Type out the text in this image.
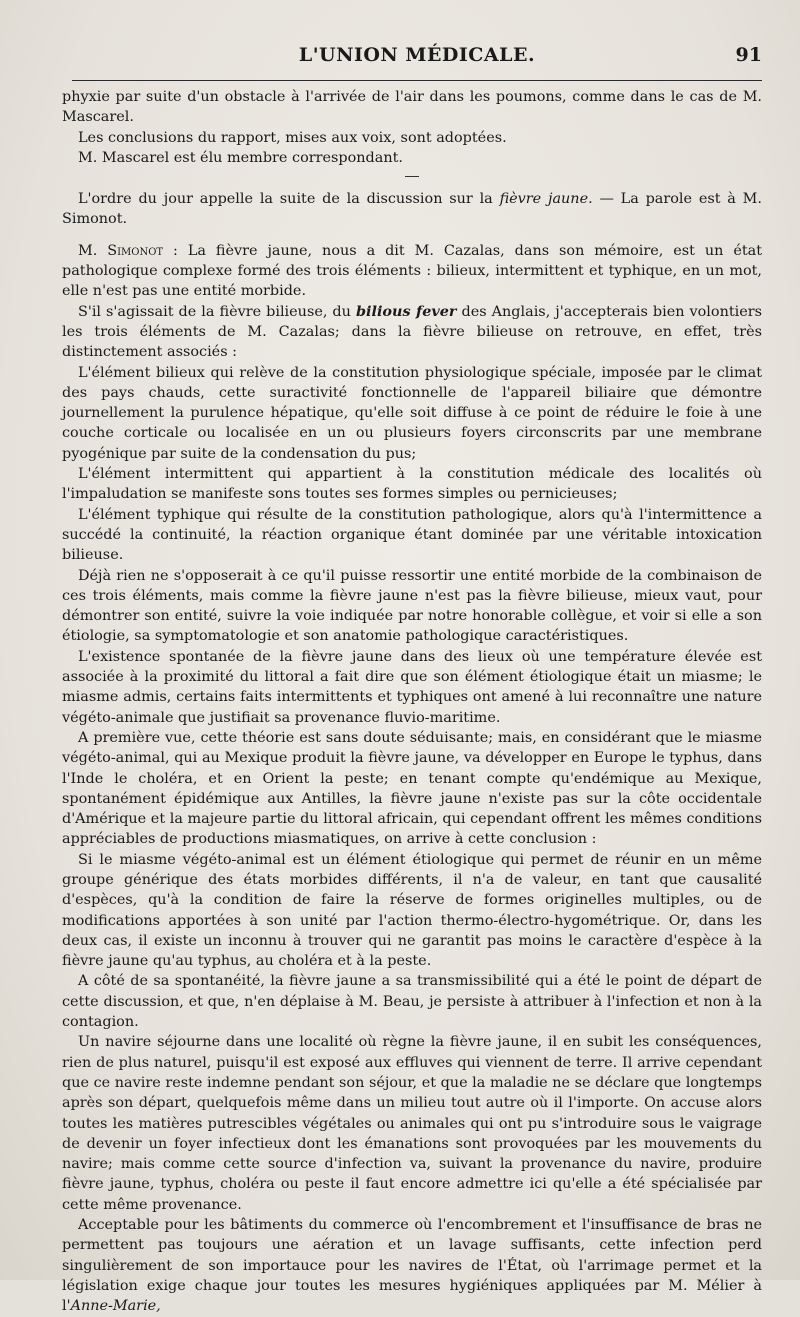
L'UNION MÉDICALE.	91

phyxie par suite d'un obstacle à l'arrivée de l'air dans les poumons, comme dans le cas de M. Mascarel.

Les conclusions du rapport, mises aux voix, sont adoptées.

M. Mascarel est élu membre correspondant.

L'ordre du jour appelle la suite de la discussion sur la fièvre jaune. — La parole est à M. Simonot.

M. Simonot : La fièvre jaune, nous a dit M. Cazalas, dans son mémoire, est un état pathologique complexe formé des trois éléments : bilieux, intermittent et typhique, en un mot, elle n'est pas une entité morbide.

S'il s'agissait de la fièvre bilieuse, du bilious fever des Anglais, j'accepterais bien volontiers les trois éléments de M. Cazalas; dans la fièvre bilieuse on retrouve, en effet, très distinctement associés :

L'élément bilieux qui relève de la constitution physiologique spéciale, imposée par le climat des pays chauds, cette suractivité fonctionnelle de l'appareil biliaire que démontre journellement la purulence hépatique, qu'elle soit diffuse à ce point de réduire le foie à une couche corticale ou localisée en un ou plusieurs foyers circonscrits par une membrane pyogénique par suite de la condensation du pus;

L'élément intermittent qui appartient à la constitution médicale des localités où l'impaludation se manifeste sons toutes ses formes simples ou pernicieuses;

L'élément typhique qui résulte de la constitution pathologique, alors qu'à l'intermittence a succédé la continuité, la réaction organique étant dominée par une véritable intoxication bilieuse.

Déjà rien ne s'opposerait à ce qu'il puisse ressortir une entité morbide de la combinaison de ces trois éléments, mais comme la fièvre jaune n'est pas la fièvre bilieuse, mieux vaut, pour démontrer son entité, suivre la voie indiquée par notre honorable collègue, et voir si elle a son étiologie, sa symptomatologie et son anatomie pathologique caractéristiques.

L'existence spontanée de la fièvre jaune dans des lieux où une température élevée est associée à la proximité du littoral a fait dire que son élément étiologique était un miasme; le miasme admis, certains faits intermittents et typhiques ont amené à lui reconnaître une nature végéto-animale que justifiait sa provenance fluvio-maritime.

A première vue, cette théorie est sans doute séduisante; mais, en considérant que le miasme végéto-animal, qui au Mexique produit la fièvre jaune, va développer en Europe le typhus, dans l'Inde le choléra, et en Orient la peste; en tenant compte qu'endémique au Mexique, spontanément épidémique aux Antilles, la fièvre jaune n'existe pas sur la côte occidentale d'Amérique et la majeure partie du littoral africain, qui cependant offrent les mêmes conditions appréciables de productions miasmatiques, on arrive à cette conclusion :

Si le miasme végéto-animal est un élément étiologique qui permet de réunir en un même groupe générique des états morbides différents, il n'a de valeur, en tant que causalité d'espèces, qu'à la condition de faire la réserve de formes originelles multiples, ou de modifications apportées à son unité par l'action thermo-électro-hygométrique. Or, dans les deux cas, il existe un inconnu à trouver qui ne garantit pas moins le caractère d'espèce à la fièvre jaune qu'au typhus, au choléra et à la peste.

A côté de sa spontanéité, la fièvre jaune a sa transmissibilité qui a été le point de départ de cette discussion, et que, n'en déplaise à M. Beau, je persiste à attribuer à l'infection et non à la contagion.

Un navire séjourne dans une localité où règne la fièvre jaune, il en subit les conséquences, rien de plus naturel, puisqu'il est exposé aux effluves qui viennent de terre. Il arrive cependant que ce navire reste indemne pendant son séjour, et que la maladie ne se déclare que longtemps après son départ, quelquefois même dans un milieu tout autre où il l'importe. On accuse alors toutes les matières putrescibles végétales ou animales qui ont pu s'introduire sous le vaigrage de devenir un foyer infectieux dont les émanations sont provoquées par les mouvements du navire; mais comme cette source d'infection va, suivant la provenance du navire, produire fièvre jaune, typhus, choléra ou peste il faut encore admettre ici qu'elle a été spécialisée par cette même provenance.

Acceptable pour les bâtiments du commerce où l'encombrement et l'insuffisance de bras ne permettent pas toujours une aération et un lavage suffisants, cette infection perd singulièrement de son importauce pour les navires de l'État, où l'arrimage permet et la législation exige chaque jour toutes les mesures hygiéniques appliquées par M. Mélier à l'Anne-Marie,
